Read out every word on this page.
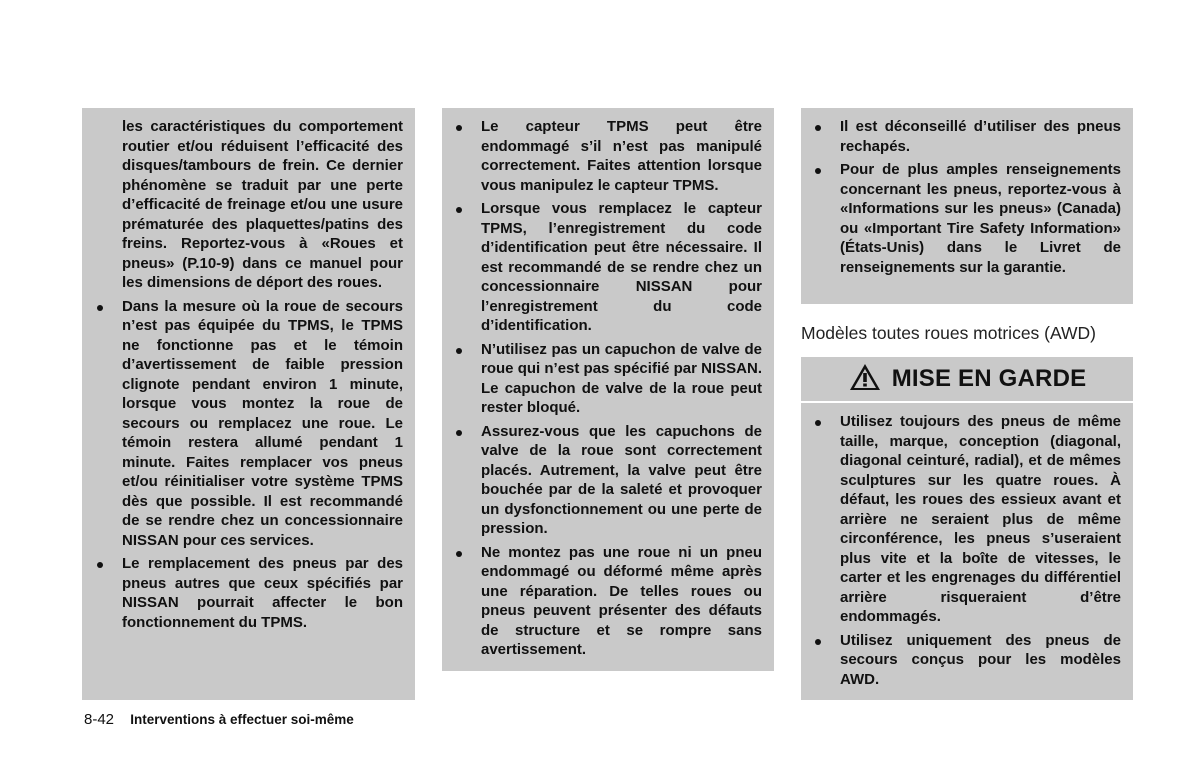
les caractéristiques du comportement routier et/ou réduisent l’efficacité des disques/tambours de frein. Ce dernier phénomène se traduit par une perte d’efficacité de freinage et/ou une usure prématurée des plaquettes/patins des freins. Reportez-vous à «Roues et pneus» (P.10-9) dans ce manuel pour les dimensions de déport des roues.

Dans la mesure où la roue de secours n’est pas équipée du TPMS, le TPMS ne fonctionne pas et le témoin d’avertissement de faible pression clignote pendant environ 1 minute, lorsque vous montez la roue de secours ou remplacez une roue. Le témoin restera allumé pendant 1 minute. Faites remplacer vos pneus et/ou réinitialiser votre système TPMS dès que possible. Il est recommandé de se rendre chez un concessionnaire NISSAN pour ces services.

Le remplacement des pneus par des pneus autres que ceux spécifiés par NISSAN pourrait affecter le bon fonctionnement du TPMS.

Le capteur TPMS peut être endommagé s’il n’est pas manipulé correctement. Faites attention lorsque vous manipulez le capteur TPMS.

Lorsque vous remplacez le capteur TPMS, l’enregistrement du code d’identification peut être nécessaire. Il est recommandé de se rendre chez un concessionnaire NISSAN pour l’enregistrement du code d’identification.

N’utilisez pas un capuchon de valve de roue qui n’est pas spécifié par NISSAN. Le capuchon de valve de la roue peut rester bloqué.

Assurez-vous que les capuchons de valve de la roue sont correctement placés. Autrement, la valve peut être bouchée par de la saleté et provoquer un dysfonctionnement ou une perte de pression.

Ne montez pas une roue ni un pneu endommagé ou déformé même après une réparation. De telles roues ou pneus peuvent présenter des défauts de structure et se rompre sans avertissement.

Il est déconseillé d’utiliser des pneus rechapés.

Pour de plus amples renseignements concernant les pneus, reportez-vous à «Informations sur les pneus» (Canada) ou «Important Tire Safety Information» (États-Unis) dans le Livret de renseignements sur la garantie.

Modèles toutes roues motrices (AWD)
MISE EN GARDE

Utilisez toujours des pneus de même taille, marque, conception (diagonal, diagonal ceinturé, radial), et de mêmes sculptures sur les quatre roues. À défaut, les roues des essieux avant et arrière ne seraient plus de même circonférence, les pneus s’useraient plus vite et la boîte de vitesses, le carter et les engrenages du différentiel arrière risqueraient d’être endommagés.

Utilisez uniquement des pneus de secours conçus pour les modèles AWD.

8-42 Interventions à effectuer soi-même
